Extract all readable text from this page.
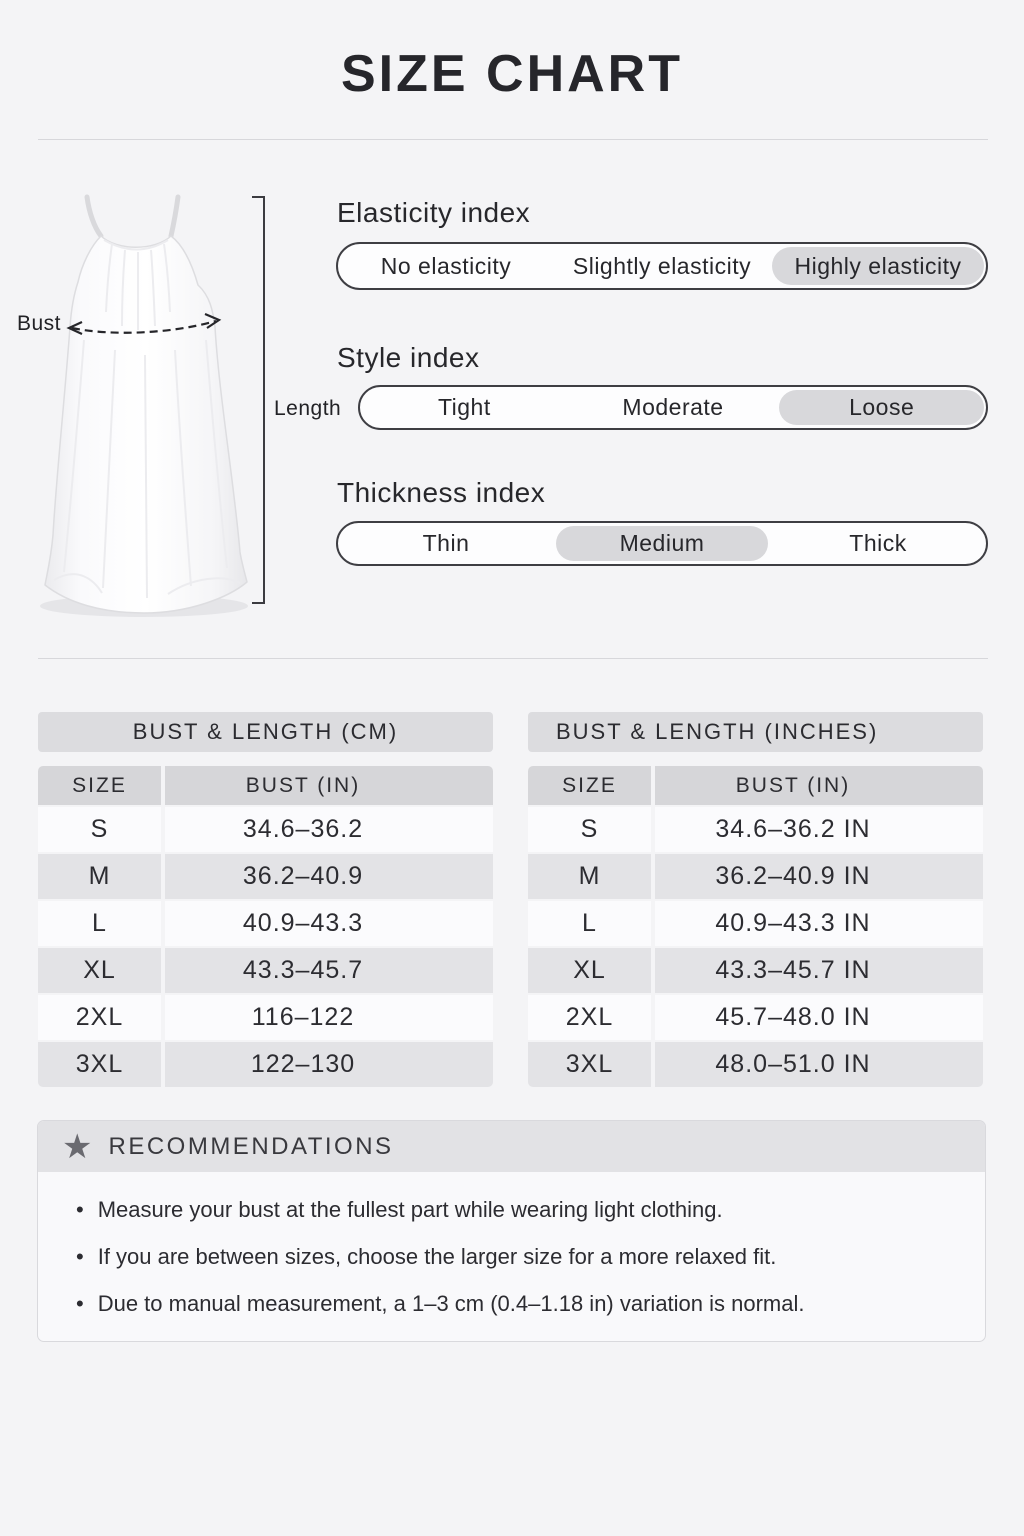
SIZE CHART
Bust
Length
Elasticity index
No elasticity	Slightly elasticity	Highly elasticity
Style index
Tight	Moderate	Loose
Thickness index
Thin	Medium	Thick
BUST & LENGTH (CM)
SIZE	BUST (IN)
S	34.6–36.2
M	36.2–40.9
L	40.9–43.3
XL	43.3–45.7
2XL	116–122
3XL	122–130
BUST & LENGTH (INCHES)
SIZE	BUST (IN)
S	34.6–36.2 IN
M	36.2–40.9 IN
L	40.9–43.3 IN
XL	43.3–45.7 IN
2XL	45.7–48.0 IN
3XL	48.0–51.0 IN
★ RECOMMENDATIONS
• Measure your bust at the fullest part while wearing light clothing.
• If you are between sizes, choose the larger size for a more relaxed fit.
• Due to manual measurement, a 1–3 cm (0.4–1.18 in) variation is normal.
